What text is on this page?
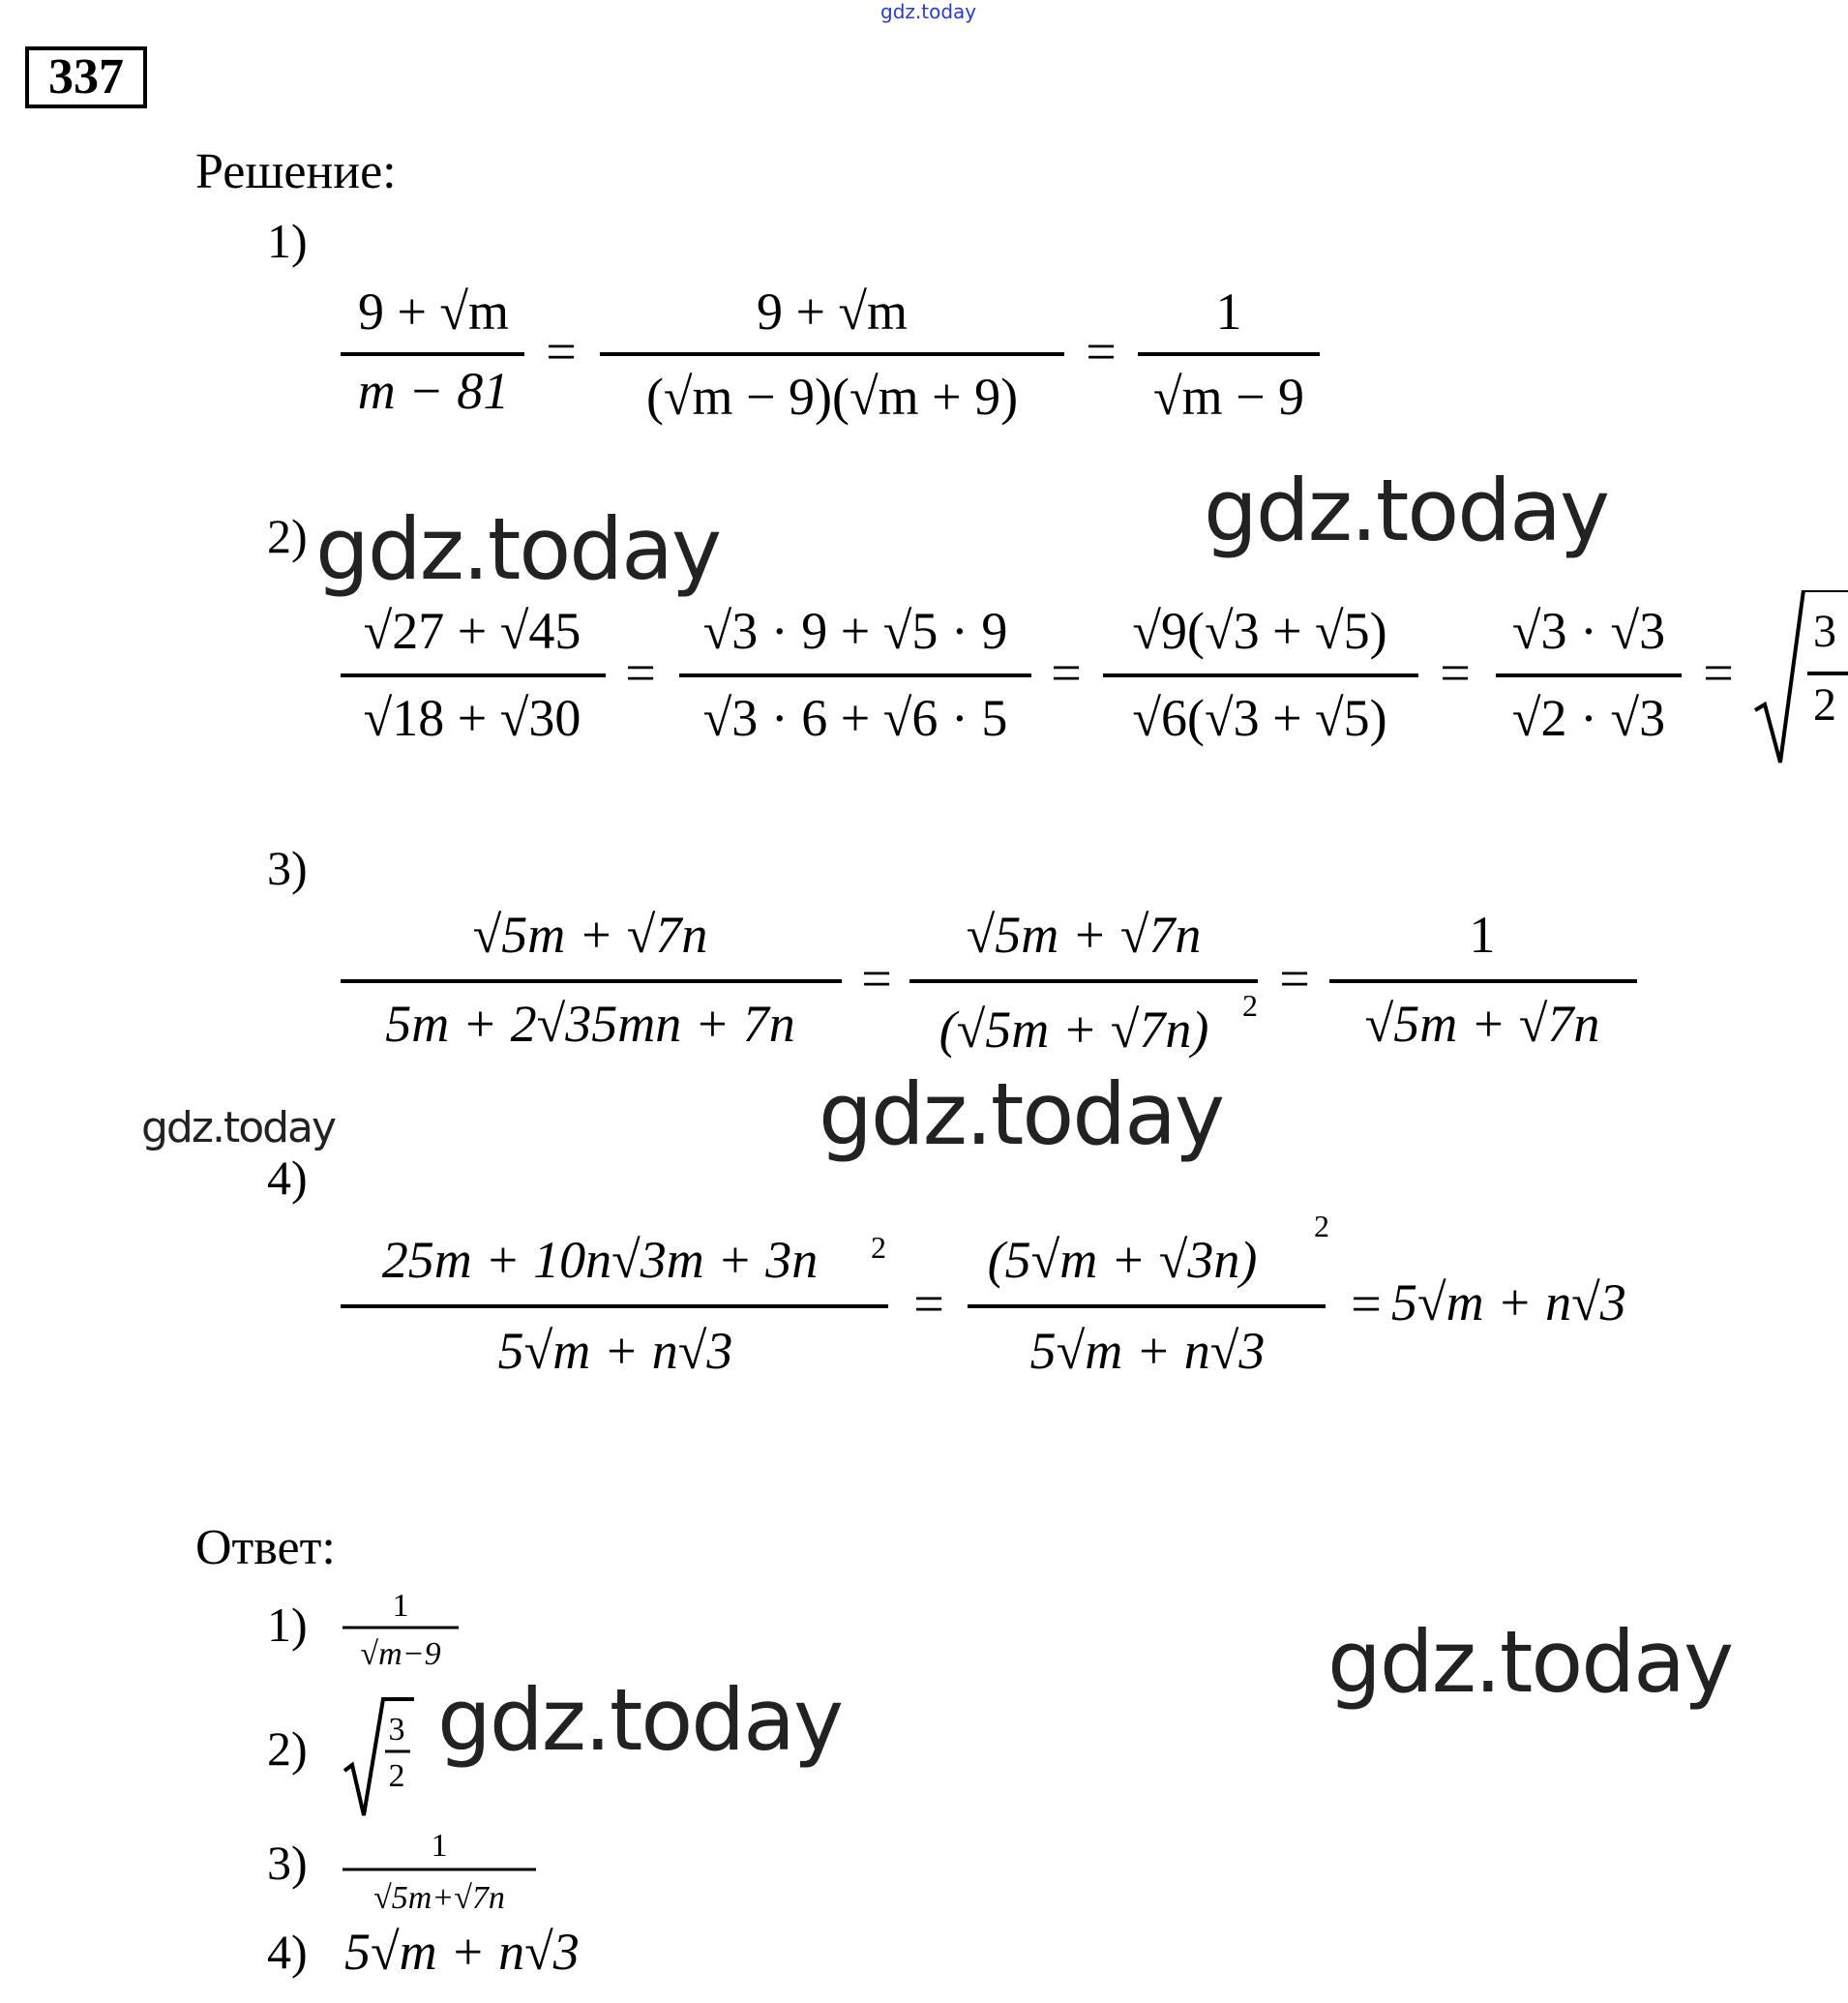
gdz.today
337
Решение:
1)
2)
3)
4)
9 + √m
m − 81
=
9 + √m
(√m − 9)(√m + 9)
=
1
√m − 9
√27 + √45
√18 + √30
=
√3 · 9 + √5 · 9
√3 · 6 + √6 · 5
=
√9(√3 + √5)
√6(√3 + √5)
=
√3 · √3
√2 · √3
=
3
2
√5m + √7n
5m + 2√35mn + 7n
=
√5m + √7n
(√5m + √7n) 2 =
1
√5m + √7n
25m + 10n√3m + 3n 2
5√m + n√3
=
(5√m + √3n)
2
5√m + n√3
= 5√m + n√3
Ответ:
1)	1
√m−9
2) 3
2
3)	1
√5m+√7n
4) 5√m + n√3
gdz.today
gdz.today
gdz.today	gdz.today
gdz.today
gdz.today
